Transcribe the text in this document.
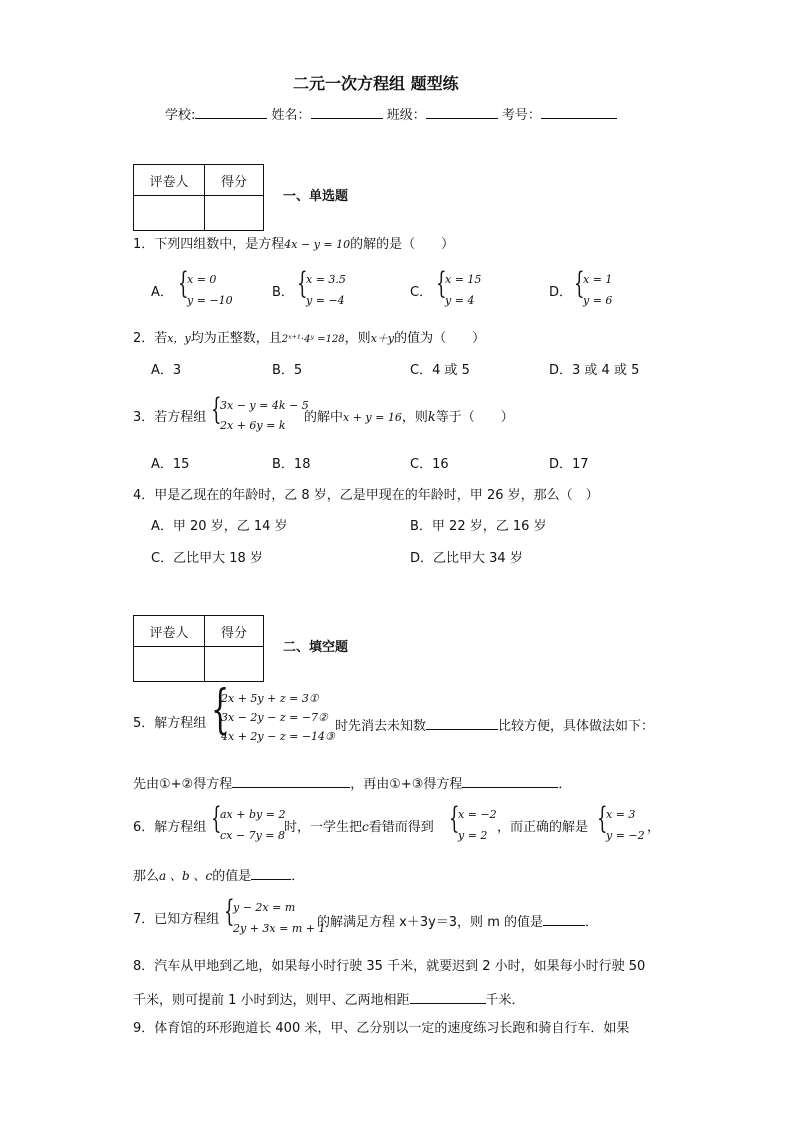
二元一次方程组 题型练
学校:	姓名：	班级：	考号：
评卷人	得分

一、单选题
1．下列四组数中，是方程4x − y = 10的解的是（　　）
A． {
x = 0
y = −10
B． {
x = 3.5
y = −4
C． {
x = 15
y = 4
D． {
x = 1
y = 6
2．若x，y均为正整数，且2ˣ⁺¹·4ʸ =128，则x＋y的值为（　　）
A．3	B．5	C．4 或 5	D．3 或 4 或 5
3．若方程组 {
3x − y = 4k − 5
2x + 6y = k
的解中x + y = 16，则k等于（　　）
A．15	B．18	C．16	D．17
4．甲是乙现在的年龄时，乙 8 岁，乙是甲现在的年龄时，甲 26 岁，那么（　）
A．甲 20 岁，乙 14 岁	B．甲 22 岁，乙 16 岁
C．乙比甲大 18 岁	D．乙比甲大 34 岁
评卷人	得分

二、填空题
5．解方程组 {
2x + 5y + z = 3①
3x − 2y − z = −7②
4x + 2y − z = −14③
时先消去未知数	比较方便，具体做法如下：
先由①+②得方程	，再由①+③得方程	．
6．解方程组 {
ax + by = 2
cx − 7y = 8
时，一学生把c看错而得到 {
x = −2
y = 2
，而正确的解是 {
x = 3
y = −2
，
那么a 、b 、c的值是	．
7．已知方程组 {
y − 2x = m
2y + 3x = m + 1
的解满足方程 x＋3y＝3，则 m 的值是	．
8．汽车从甲地到乙地，如果每小时行驶 35 千米，就要迟到 2 小时，如果每小时行驶 50
千米，则可提前 1 小时到达，则甲、乙两地相距	千米．
9．体育馆的环形跑道长 400 米，甲、乙分别以一定的速度练习长跑和骑自行车．如果
